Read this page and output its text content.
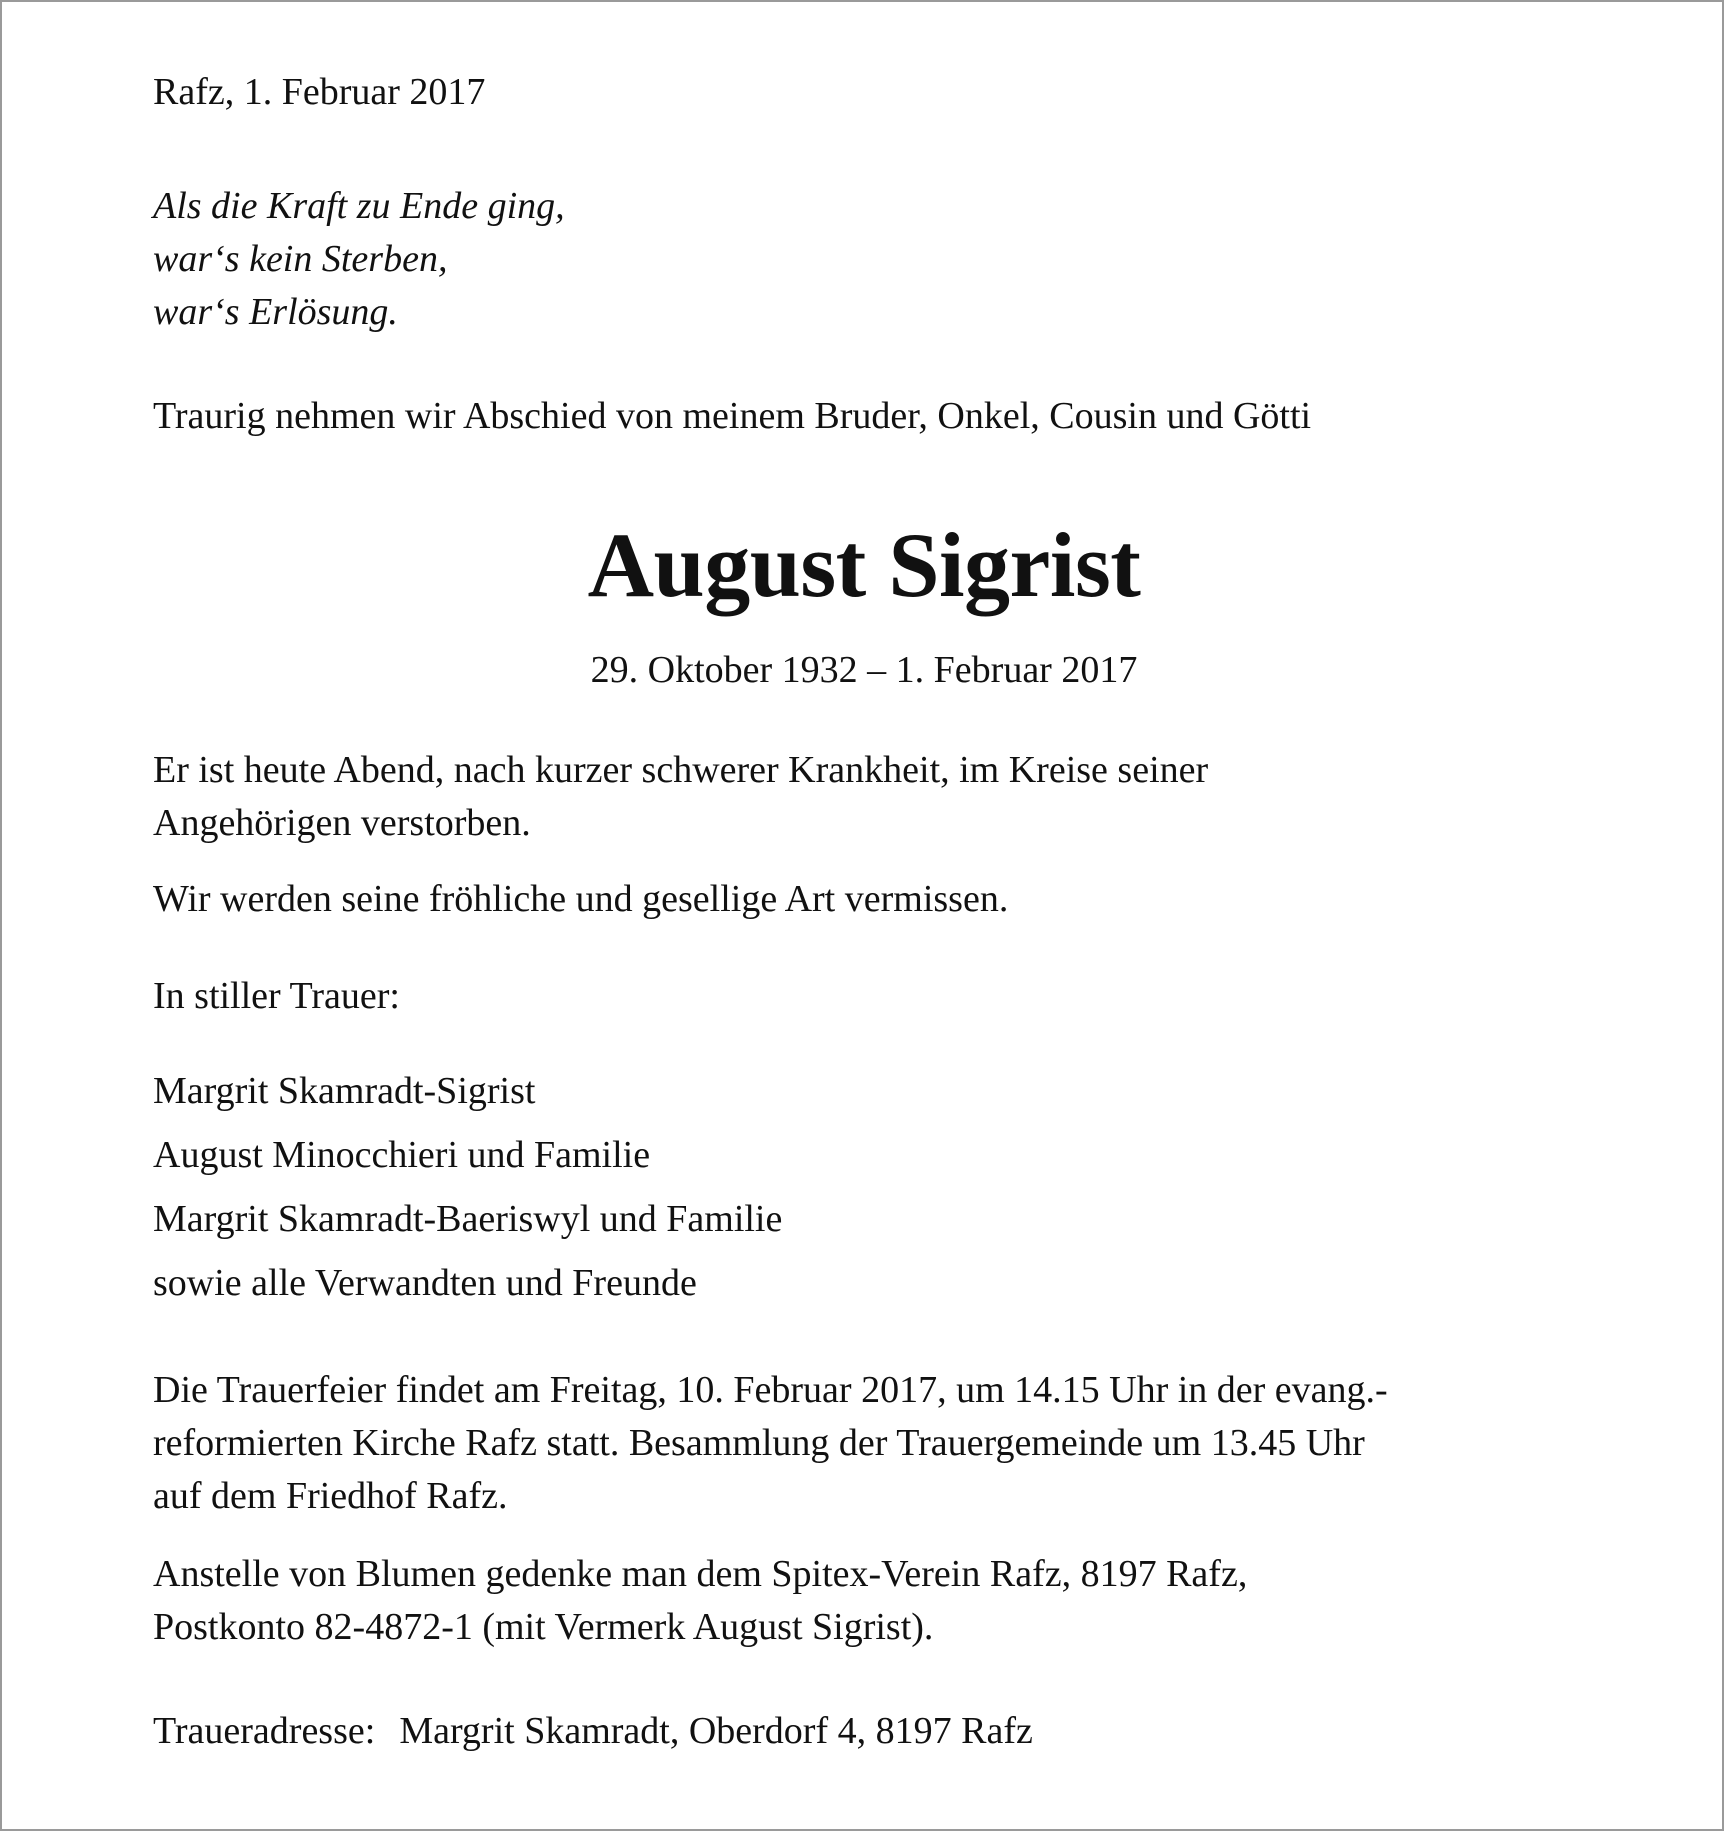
Rafz, 1. Februar 2017

Als die Kraft zu Ende ging,

war‘s kein Sterben,

war‘s Erlösung.

Traurig nehmen wir Abschied von meinem Bruder, Onkel, Cousin und Götti

August Sigrist

29. Oktober 1932 – 1. Februar 2017

Er ist heute Abend, nach kurzer schwerer Krankheit, im Kreise seiner

Angehörigen verstorben.

Wir werden seine fröhliche und gesellige Art vermissen.

In stiller Trauer:

Margrit Skamradt-Sigrist

August Minocchieri und Familie

Margrit Skamradt-Baeriswyl und Familie

sowie alle Verwandten und Freunde

Die Trauerfeier findet am Freitag, 10. Februar 2017, um 14.15 Uhr in der evang.-

reformierten Kirche Rafz statt. Besammlung der Trauergemeinde um 13.45 Uhr

auf dem Friedhof Rafz.

Anstelle von Blumen gedenke man dem Spitex-Verein Rafz, 8197 Rafz,

Postkonto 82-4872-1 (mit Vermerk August Sigrist).

Traueradresse: Margrit Skamradt, Oberdorf 4, 8197 Rafz
